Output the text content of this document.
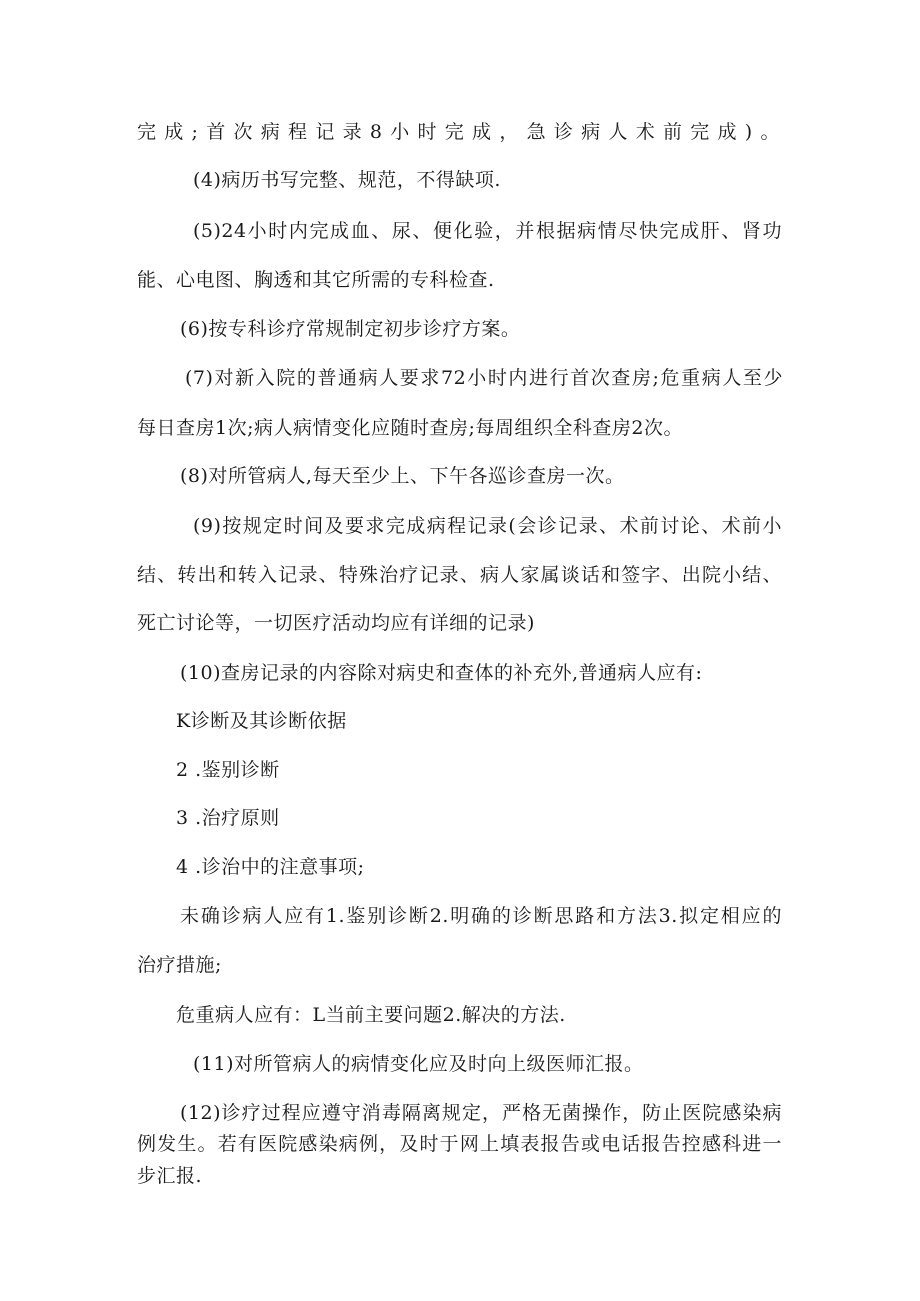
完成;首次病程记录8小时完成，急诊病人术前完成)。
(4)病历书写完整、规范，不得缺项.
(5)24小时内完成血、尿、便化验，并根据病情尽快完成肝、肾功
能、心电图、胸透和其它所需的专科检查.
(6)按专科诊疗常规制定初步诊疗方案。
(7)对新入院的普通病人要求72小时内进行首次查房;危重病人至少
每日查房1次;病人病情变化应随时查房;每周组织全科查房2次。
(8)对所管病人,每天至少上、下午各巡诊查房一次。
(9)按规定时间及要求完成病程记录(会诊记录、术前讨论、术前小
结、转出和转入记录、特殊治疗记录、病人家属谈话和签字、出院小结、
死亡讨论等，一切医疗活动均应有详细的记录)
(10)查房记录的内容除对病史和查体的补充外,普通病人应有:
K诊断及其诊断依据
2 .鉴别诊断
3 .治疗原则
4 .诊治中的注意事项;
未确诊病人应有1.鉴别诊断2.明确的诊断思路和方法3.拟定相应的
治疗措施;
危重病人应有：L当前主要问题2.解决的方法.
(11)对所管病人的病情变化应及时向上级医师汇报。
(12)诊疗过程应遵守消毒隔离规定，严格无菌操作，防止医院感染病
例发生。若有医院感染病例，及时于网上填表报告或电话报告控感科进一
步汇报.
